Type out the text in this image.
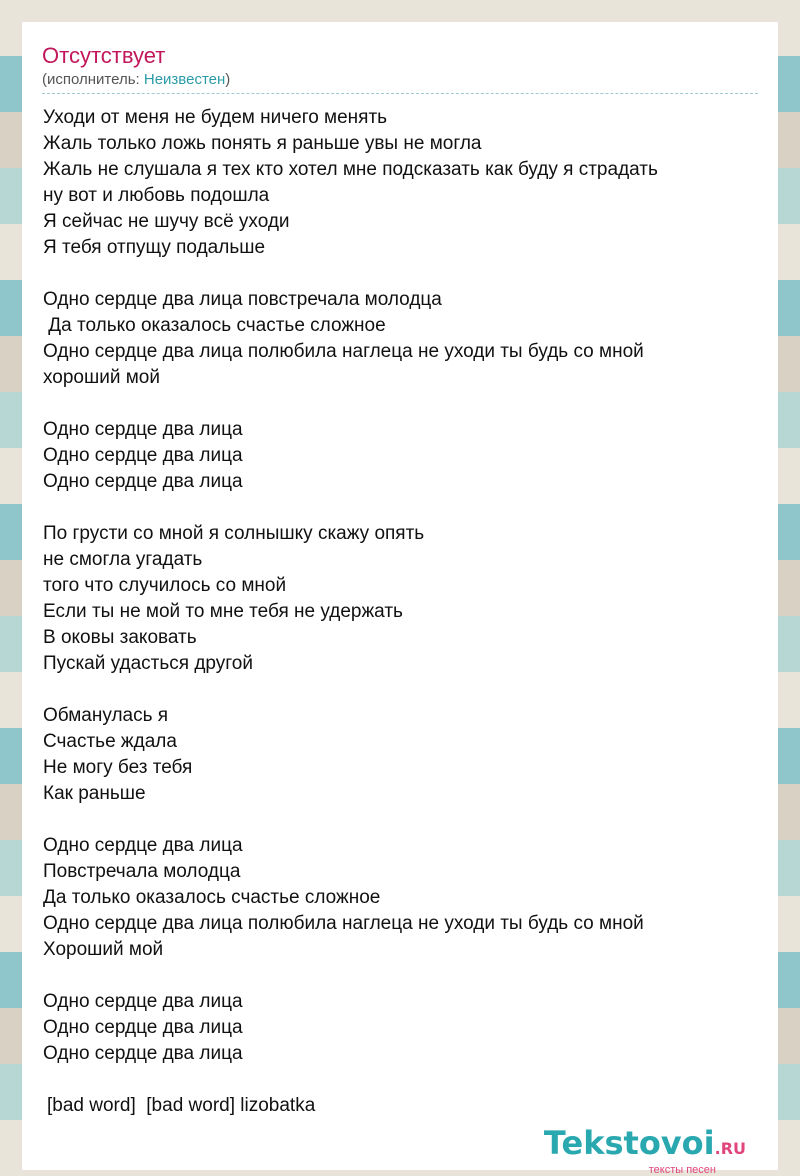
Отсутствует
(исполнитель: Неизвестен)
Уходи от меня не будем ничего менять
Жаль только ложь понять я раньше увы не могла
Жаль не слушала я тех кто хотел мне подсказать как буду я страдать
ну вот и любовь подошла
Я сейчас не шучу всё уходи
Я тебя отпущу подальше
Одно сердце два лица повстречала молодца
Да только оказалось счастье сложное
Одно сердце два лица полюбила наглеца не уходи ты будь со мной
хороший мой
Одно сердце два лица
Одно сердце два лица
Одно сердце два лица
По грусти со мной я солнышку скажу опять
не смогла угадать
того что случилось со мной
Если ты не мой то мне тебя не удержать
В оковы заковать
Пускай удасться другой
Обманулась я
Счастье ждала
Не могу без тебя
Как раньше
Одно сердце два лица
Повстречала молодца
Да только оказалось счастье сложное
Одно сердце два лица полюбила наглеца не уходи ты будь со мной
Хороший мой
Одно сердце два лица
Одно сердце два лица
Одно сердце два лица
[bad word]  [bad word] lizobatka
Tekstovoi.RU
тексты песен
